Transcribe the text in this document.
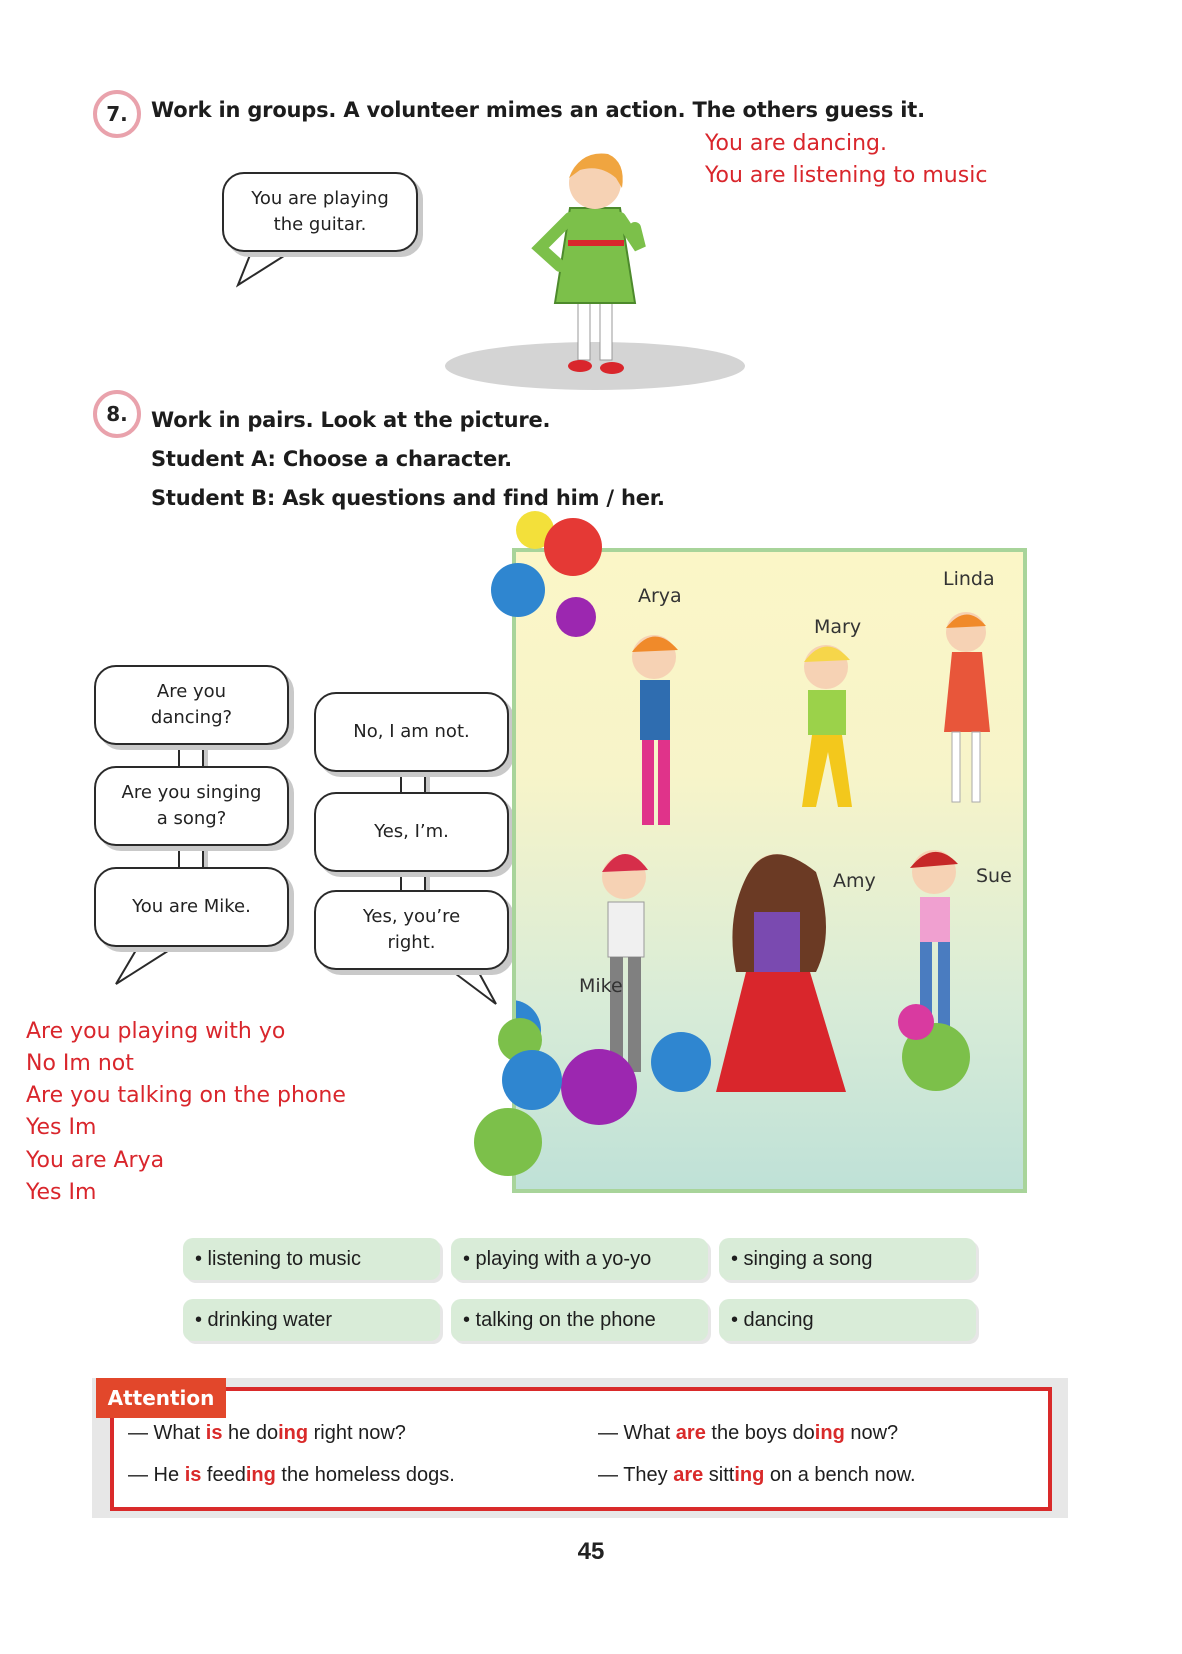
7. Work in groups. A volunteer mimes an action. The others guess it.
You are dancing.
You are listening to music
You are playing
the guitar.
8. Work in pairs. Look at the picture.
Student A: Choose a character.
Student B: Ask questions and find him / her.
Are you
dancing?
Are you singing
a song?
You are Mike.
No, I am not.
Yes, I’m.
Yes, you’re
right.
Are you playing with yo
No Im not
Are you talking on the phone
Yes Im
You are Arya
Yes Im
Arya
Mary
Linda
Amy	Sue
Mike
• listening to music	• playing with a yo-yo	• singing a song
• drinking water	• talking on the phone	• dancing
Attention
— What is he doing right now?
— He is feeding the homeless dogs.
— What are the boys doing now?
— They are sitting on a bench now.
45
